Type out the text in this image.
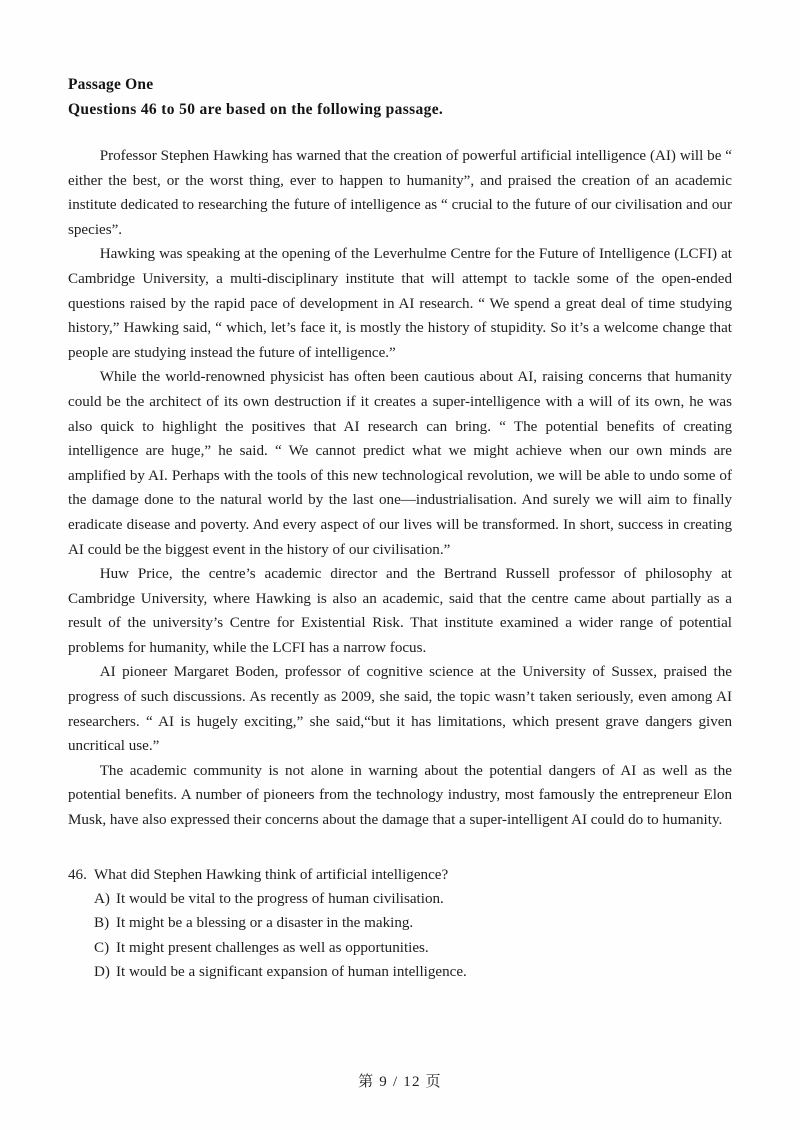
Passage One
Questions 46 to 50 are based on the following passage.

Professor Stephen Hawking has warned that the creation of powerful artificial intelligence (AI) will be “ either the best, or the worst thing, ever to happen to humanity”, and praised the creation of an academic institute dedicated to researching the future of intelligence as “ crucial to the future of our civilisation and our species”.

Hawking was speaking at the opening of the Leverhulme Centre for the Future of Intelligence (LCFI) at Cambridge University, a multi-disciplinary institute that will attempt to tackle some of the open-ended questions raised by the rapid pace of development in AI research. “ We spend a great deal of time studying history,” Hawking said, “ which, let’s face it, is mostly the history of stupidity. So it’s a welcome change that people are studying instead the future of intelligence.”

While the world-renowned physicist has often been cautious about AI, raising concerns that humanity could be the architect of its own destruction if it creates a super-intelligence with a will of its own, he was also quick to highlight the positives that AI research can bring. “ The potential benefits of creating intelligence are huge,” he said. “ We cannot predict what we might achieve when our own minds are amplified by AI. Perhaps with the tools of this new technological revolution, we will be able to undo some of the damage done to the natural world by the last one—industrialisation. And surely we will aim to finally eradicate disease and poverty. And every aspect of our lives will be transformed. In short, success in creating AI could be the biggest event in the history of our civilisation.”

Huw Price, the centre’s academic director and the Bertrand Russell professor of philosophy at Cambridge University, where Hawking is also an academic, said that the centre came about partially as a result of the university’s Centre for Existential Risk. That institute examined a wider range of potential problems for humanity, while the LCFI has a narrow focus.

AI pioneer Margaret Boden, professor of cognitive science at the University of Sussex, praised the progress of such discussions. As recently as 2009, she said, the topic wasn’t taken seriously, even among AI researchers. “ AI is hugely exciting,” she said,“but it has limitations, which present grave dangers given uncritical use.”

The academic community is not alone in warning about the potential dangers of AI as well as the potential benefits. A number of pioneers from the technology industry, most famously the entrepreneur Elon Musk, have also expressed their concerns about the damage that a super-intelligent AI could do to humanity.

46. What did Stephen Hawking think of artificial intelligence?
A) It would be vital to the progress of human civilisation.
B) It might be a blessing or a disaster in the making.
C) It might present challenges as well as opportunities.
D) It would be a significant expansion of human intelligence.
第 9 / 12 页
